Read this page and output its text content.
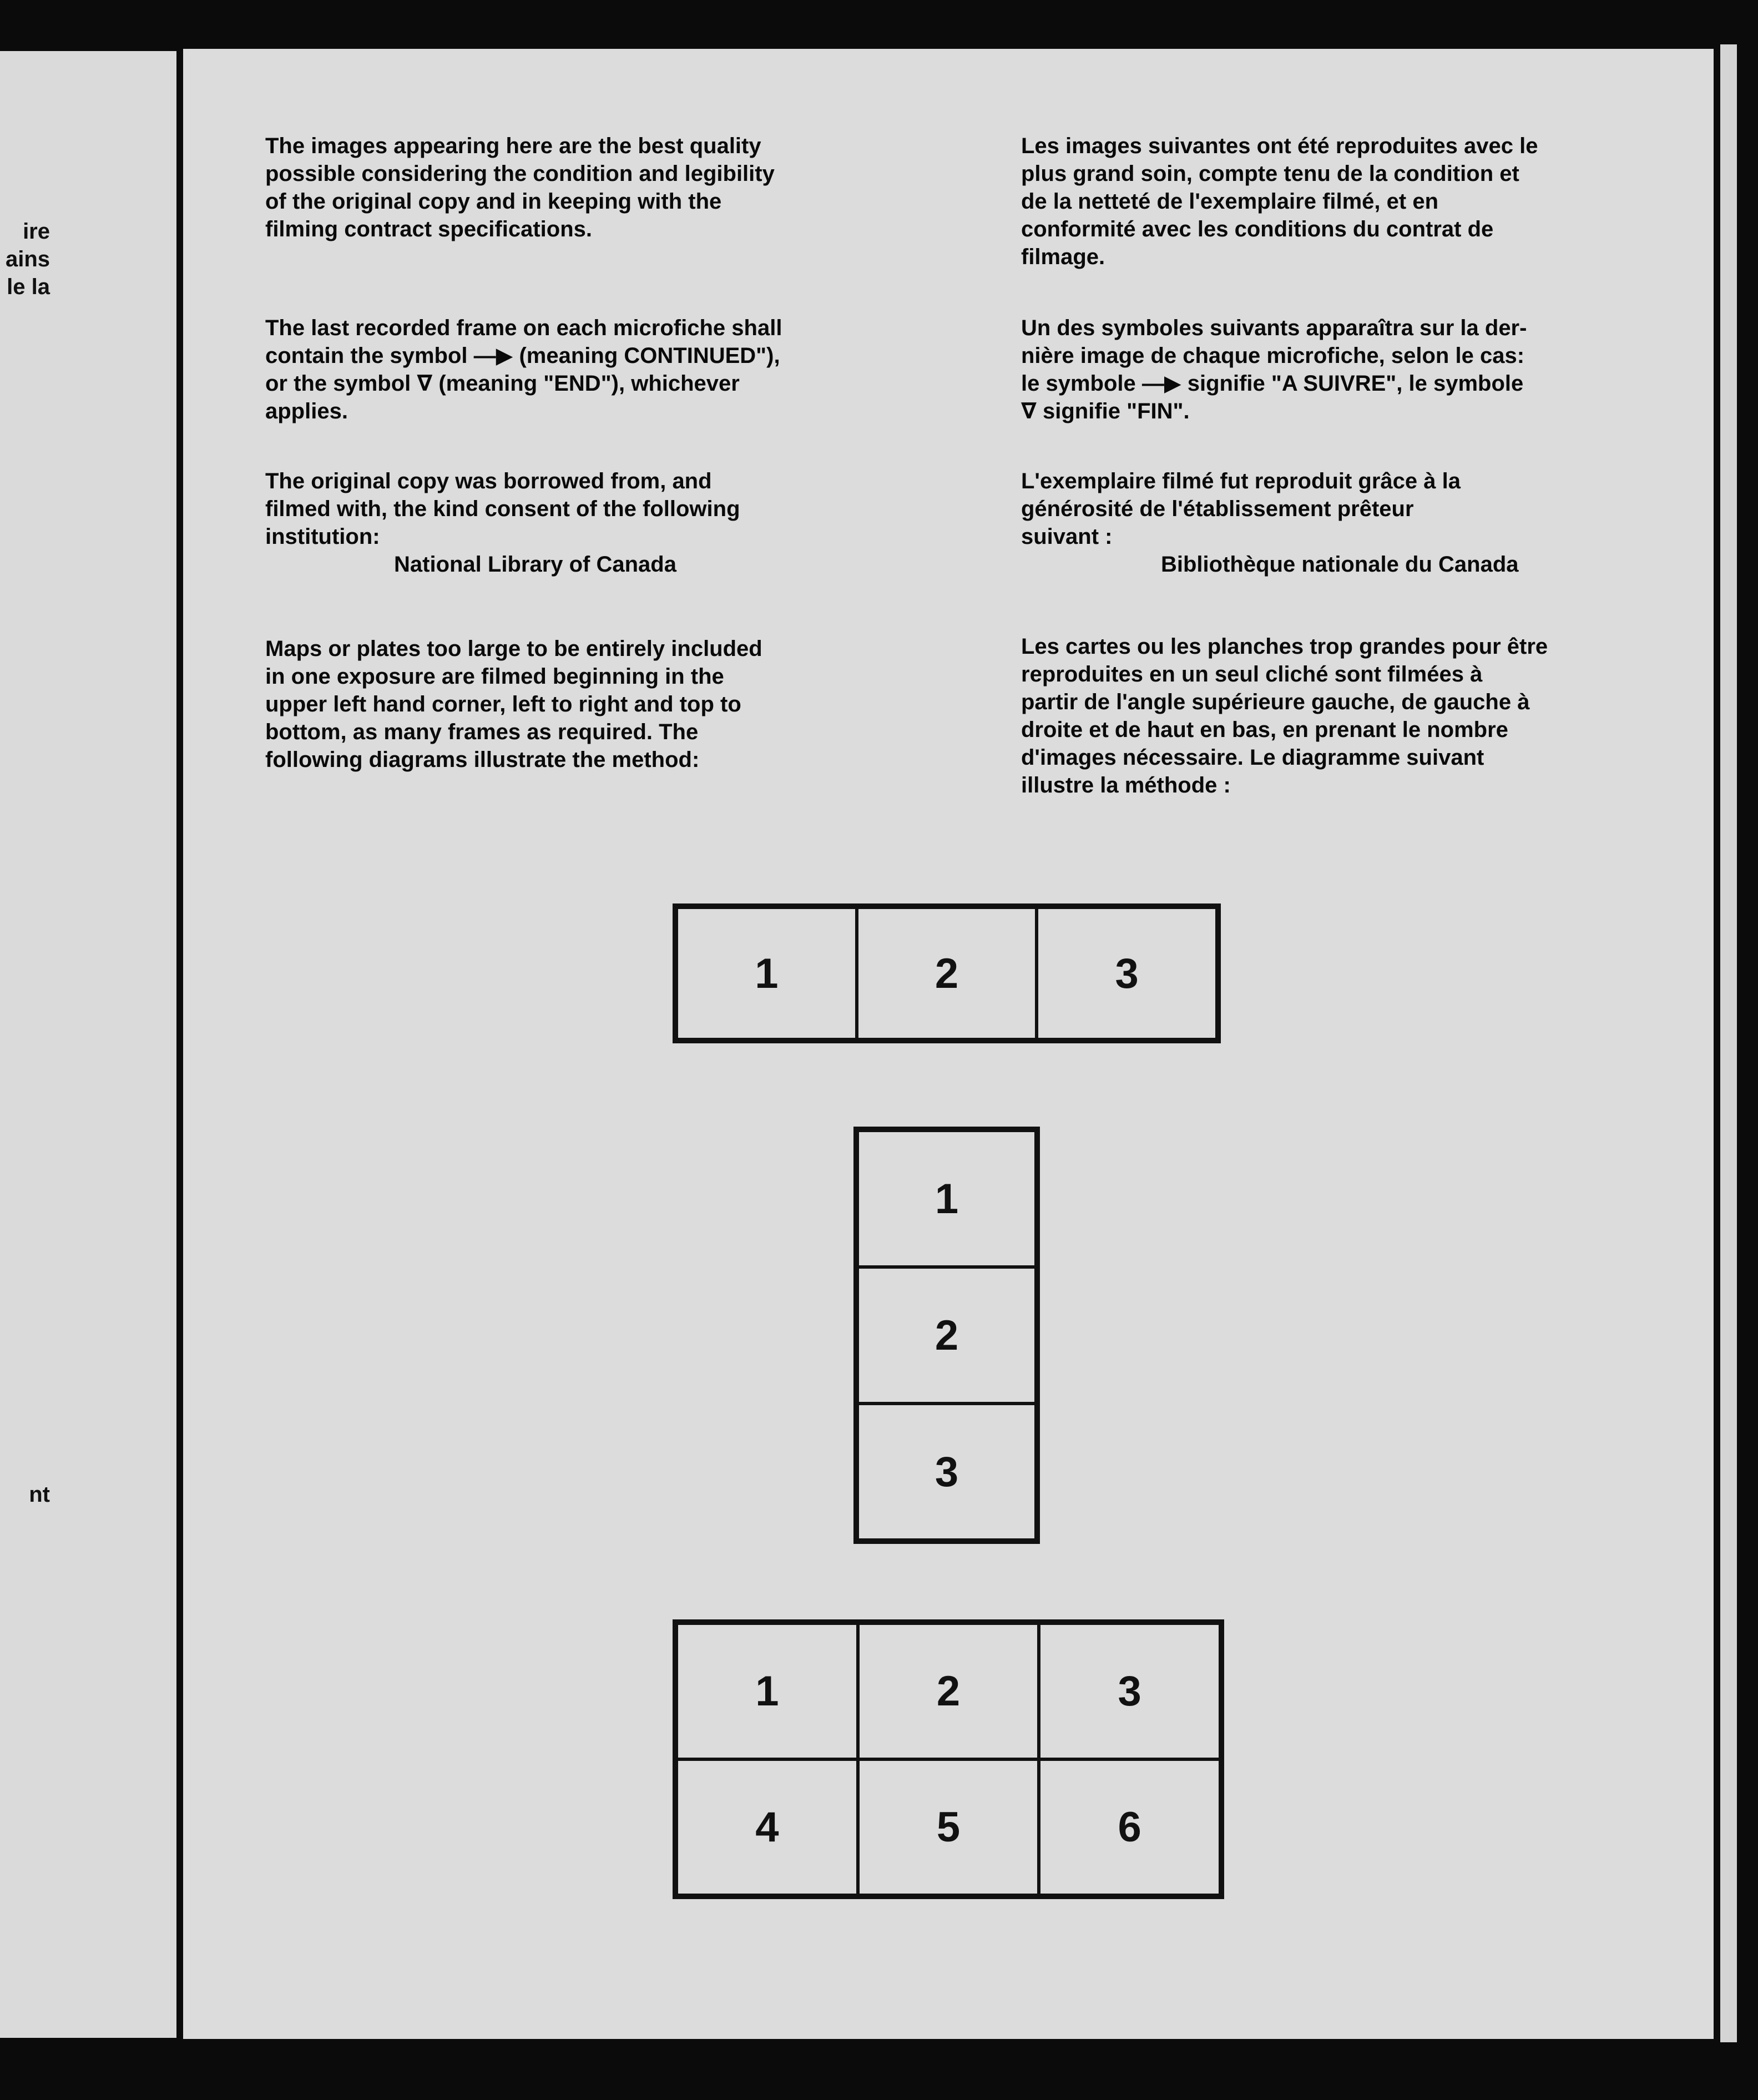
ire
ains
le la
nt
The images appearing here are the best quality
possible considering the condition and legibility
of the original copy and in keeping with the
filming contract specifications.
The last recorded frame on each microfiche shall
contain the symbol —▶ (meaning CONTINUED"),
or the symbol ∇ (meaning "END"), whichever
applies.
The original copy was borrowed from, and
filmed with, the kind consent of the following
institution:
National Library of Canada
Maps or plates too large to be entirely included
in one exposure are filmed beginning in the
upper left hand corner, left to right and top to
bottom, as many frames as required. The
following diagrams illustrate the method:
Les images suivantes ont été reproduites avec le
plus grand soin, compte tenu de la condition et
de la netteté de l'exemplaire filmé, et en
conformité avec les conditions du contrat de
filmage.
Un des symboles suivants apparaîtra sur la der-
nière image de chaque microfiche, selon le cas:
le symbole —▶ signifie "A SUIVRE", le symbole
∇ signifie "FIN".
L'exemplaire filmé fut reproduit grâce à la
générosité de l'établissement prêteur
suivant :
Bibliothèque nationale du Canada
Les cartes ou les planches trop grandes pour être
reproduites en un seul cliché sont filmées à
partir de l'angle supérieure gauche, de gauche à
droite et de haut en bas, en prenant le nombre
d'images nécessaire. Le diagramme suivant
illustre la méthode :
1	2	3
1
2
3
1	2	3
4	5	6
